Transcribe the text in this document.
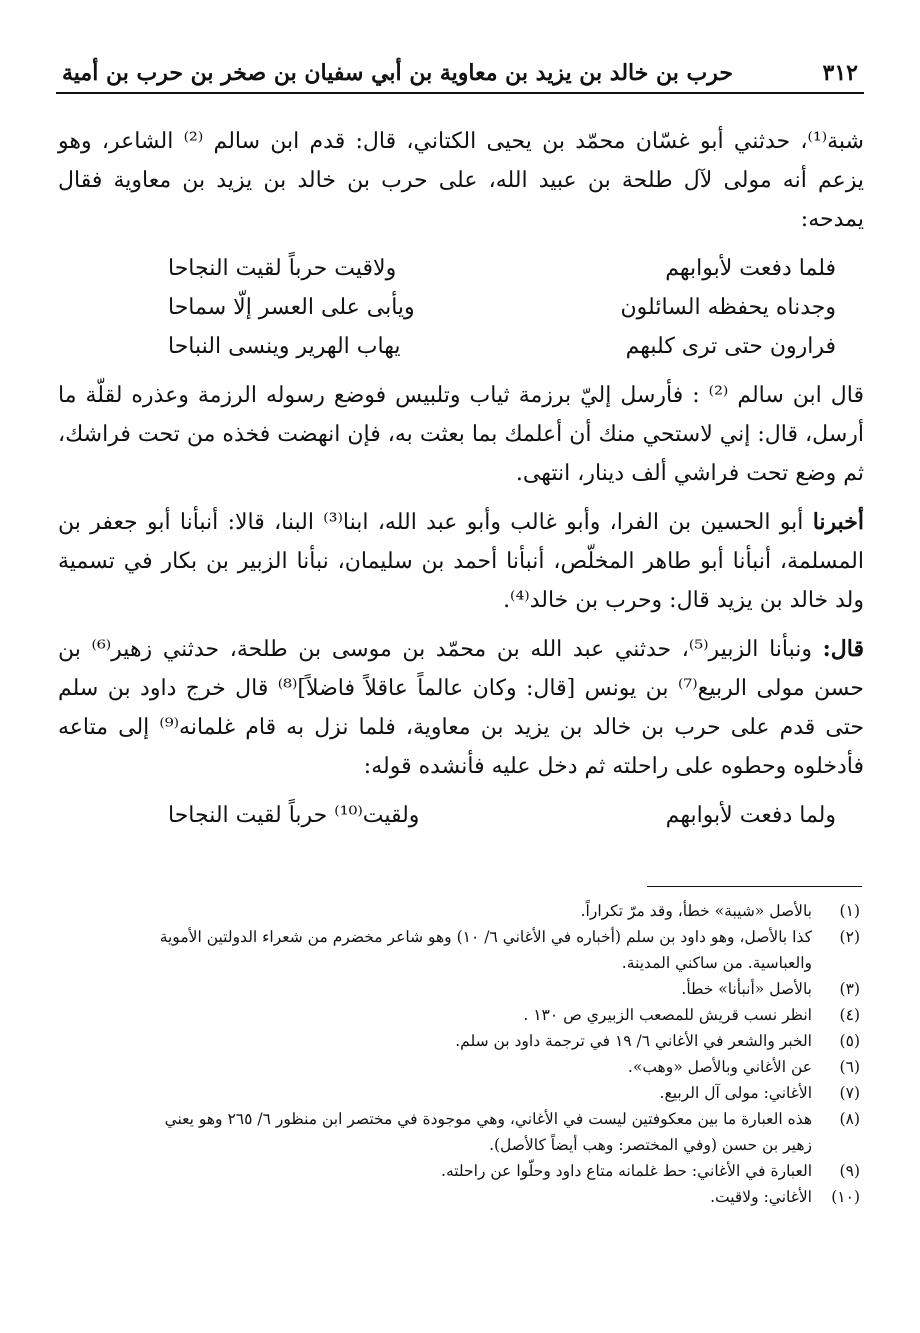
٣١٢
حرب بن خالد بن يزيد بن معاوية بن أبي سفيان بن صخر بن حرب بن أمية

شبة⁽¹⁾، حدثني أبو غسّان محمّد بن يحيى الكتاني، قال: قدم ابن سالم ⁽²⁾ الشاعر، وهو يزعم أنه مولى لآل طلحة بن عبيد الله، على حرب بن خالد بن يزيد بن معاوية فقال يمدحه:

فلما دفعت لأبوابهم
ولاقيت حرباً لقيت النجاحا
وجدناه يحفظه السائلون
ويأبى على العسر إلّا سماحا
فرارون حتى ترى كلبهم
يهاب الهرير وينسى النباحا

قال ابن سالم ⁽²⁾ : فأرسل إليّ برزمة ثياب وتلبيس فوضع رسوله الرزمة وعذره لقلّة ما أرسل، قال: إني لاستحي منك أن أعلمك بما بعثت به، فإن انهضت فخذه من تحت فراشك، ثم وضع تحت فراشي ألف دينار، انتهى.

أخبرنا أبو الحسين بن الفرا، وأبو غالب وأبو عبد الله، ابنا⁽³⁾ البنا، قالا: أنبأنا أبو جعفر بن المسلمة، أنبأنا أبو طاهر المخلّص، أنبأنا أحمد بن سليمان، نبأنا الزبير بن بكار في تسمية ولد خالد بن يزيد قال: وحرب بن خالد⁽⁴⁾.

قال: ونبأنا الزبير⁽⁵⁾، حدثني عبد الله بن محمّد بن موسى بن طلحة، حدثني زهير⁽⁶⁾ بن حسن مولى الربيع⁽⁷⁾ بن يونس [قال: وكان عالماً عاقلاً فاضلاً]⁽⁸⁾ قال خرج داود بن سلم حتى قدم على حرب بن خالد بن يزيد بن معاوية، فلما نزل به قام غلمانه⁽⁹⁾ إلى متاعه فأدخلوه وحطوه على راحلته ثم دخل عليه فأنشده قوله:

ولما دفعت لأبوابهم
ولقيت⁽¹⁰⁾ حرباً لقيت النجاحا
(١)
بالأصل «شيبة» خطأ، وقد مرّ تكراراً.
(٢)
كذا بالأصل، وهو داود بن سلم (أخباره في الأغاني ٦/ ١٠) وهو شاعر مخضرم من شعراء الدولتين الأموية
والعباسية. من ساكني المدينة.
(٣)
بالأصل «أنبأنا» خطأ.
(٤)
انظر نسب قريش للمصعب الزبيري ص ١٣٠ .
(٥)
الخبر والشعر في الأغاني ٦/ ١٩ في ترجمة داود بن سلم.
(٦)
عن الأغاني وبالأصل «وهب».
(٧)
الأغاني: مولى آل الربيع.
(٨)
هذه العبارة ما بين معكوفتين ليست في الأغاني، وهي موجودة في مختصر ابن منظور ٦/ ٢٦٥ وهو يعني
زهير بن حسن (وفي المختصر: وهب أيضاً كالأصل).
(٩)
العبارة في الأغاني: حط غلمانه متاع داود وحلّوا عن راحلته.
(١٠)
الأغاني: ولاقيت.
